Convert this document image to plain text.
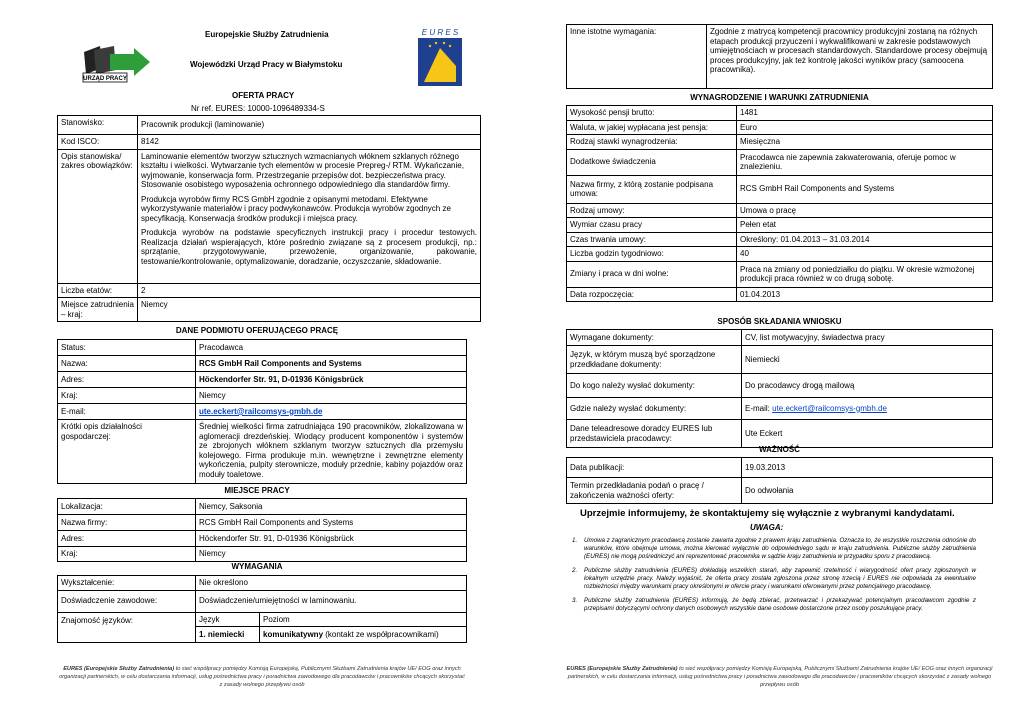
URZĄD PRACY
E U R E S
Europejskie Służby Zatrudnienia
Wojewódzki Urząd Pracy w Białymstoku
OFERTA PRACY
Nr ref. EURES: 10000-1096489334-S
Stanowisko:	Pracownik produkcji (laminowanie)
Kod ISCO:	8142
Opis stanowiska/ zakres obowiązków:	Laminowanie elementów tworzyw sztucznych wzmacnianych włóknem szklanych różnego kształtu i wielkości. Wytwarzanie tych elementów w procesie Prepreg-/ RTM. Wykańczanie, wyjmowanie, konserwacja form. Przestrzeganie przepisów dot. bezpieczeństwa pracy. Stosowanie osobistego wyposażenia ochronnego odpowiedniego dla standardów firmy.

Produkcja wyrobów firmy RCS GmbH zgodnie z opisanymi metodami. Efektywne wykorzystywanie materiałów i pracy podwykonawców. Produkcja wyrobów zgodnych ze specyfikacją. Konserwacja środków produkcji i miejsca pracy.

Produkcja wyrobów na podstawie specyficznych instrukcji pracy i procedur testowych. Realizacja działań wspierających, które pośrednio związane są z procesem produkcji, np.: sprzątanie, przygotowywanie, przewożenie, organizowanie, pakowanie, testowanie/kontrolowanie, optymalizowanie, doradzanie, oczyszczanie, składowanie.

Liczba etatów:	2
Miejsce zatrudnienia – kraj:	Niemcy
DANE PODMIOTU OFERUJĄCEGO PRACĘ
Status:	Pracodawca
Nazwa:	RCS GmbH Rail Components and Systems
Adres:	Höckendorfer Str. 91, D-01936 Königsbrück
Kraj:	Niemcy
E-mail:	ute.eckert@railcomsys-gmbh.de
Krótki opis działalności gospodarczej:	Średniej wielkości firma zatrudniająca 190 pracowników, zlokalizowana w aglomeracji drezdeńskiej. Wiodący producent komponentów i systemów ze zbrojonych włóknem szklanym tworzyw sztucznych dla przemysłu kolejowego. Firma produkuje m.in. wewnętrzne i zewnętrzne elementy wykończenia, pulpity sterownicze, moduły przednie, kabiny pojazdów oraz moduły toaletowe.
MIEJSCE PRACY
Lokalizacja:	Niemcy, Saksonia
Nazwa firmy:	RCS GmbH Rail Components and Systems
Adres:	Höckendorfer Str. 91, D-01936 Königsbrück
Kraj:	Niemcy
WYMAGANIA
Wykształcenie:	Nie określono	
Doświadczenie zawodowe:	Doświadczenie/umiejętności w laminowaniu.	
Znajomość języków:	Język	Poziom
	1. niemiecki	komunikatywny (kontakt ze współpracownikami)
EURES (Europejskie Służby Zatrudnienia) to sieć współpracy pomiędzy Komisją Europejską, Publicznymi Służbami Zatrudnienia krajów UE/ EOG oraz innych organizacji partnerskich, w celu dostarczania informacji, usług pośrednictwa pracy i poradnictwa zawodowego dla pracodawców i pracowników chcących skorzystać z zasady wolnego przepływu osób
Inne istotne wymagania:	Zgodnie z matrycą kompetencji pracownicy produkcyjni zostaną na różnych etapach produkcji przyuczeni i wykwalifikowani w zakresie podstawowych umiejętnościach w procesach standardowych. Standardowe procesy obejmują proces produkcyjny, jak też kontrolę jakości wyników pracy (samoocena pracownika).
WYNAGRODZENIE I WARUNKI ZATRUDNIENIA
Wysokość pensji brutto:	1481
Waluta, w jakiej wypłacana jest pensja:	Euro
Rodzaj stawki wynagrodzenia:	Miesięczna
Dodatkowe świadczenia	Pracodawca nie zapewnia zakwaterowania, oferuje pomoc w znalezieniu.
Nazwa firmy, z którą zostanie podpisana umowa:	RCS GmbH Rail Components and Systems
Rodzaj umowy:	Umowa o pracę
Wymiar czasu pracy	Pełen etat
Czas trwania umowy:	Określony: 01.04.2013 – 31.03.2014
Liczba godzin tygodniowo:	40
Zmiany i praca w dni wolne:	Praca na zmiany od poniedziałku do piątku. W okresie wzmożonej produkcji praca również w co drugą sobotę.
Data rozpoczęcia:	01.04.2013
SPOSÓB SKŁADANIA WNIOSKU
Wymagane dokumenty:	CV, list motywacyjny, świadectwa pracy
Język, w którym muszą być sporządzone przedkładane dokumenty:	Niemiecki
Do kogo należy wysłać dokumenty:	Do pracodawcy drogą mailową
Gdzie należy wysłać dokumenty:	E-mail: ute.eckert@railcomsys-gmbh.de
Dane teleadresowe doradcy EURES lub przedstawiciela pracodawcy:	Ute Eckert
WAŻNOŚĆ
Data publikacji:	19.03.2013
Termin przedkładania podań o pracę / zakończenia ważności oferty:	Do odwołania
Uprzejmie informujemy, że skontaktujemy się wyłącznie z wybranymi kandydatami.
UWAGA:
1. Umowa z zagranicznym pracodawcą zostanie zawarta zgodnie z prawem kraju zatrudnienia. Oznacza to, że wszystkie roszczenia odnośnie do warunków, które obejmuje umowa, można kierować wyłącznie do odpowiedniego sądu w kraju zatrudnienia. Publiczne służby zatrudnienia (EURES) nie mogą pośredniczyć ani reprezentować pracownika w sądzie kraju zatrudnienia w przypadku sporu z pracodawcą.
2. Publiczne służby zatrudnienia (EURES) dokładają wszelkich starań, aby zapewnić rzetelność i wiarygodność ofert pracy zgłoszonych w lokalnym urzędzie pracy. Należy wyjaśnić, że oferta pracy została zgłoszona przez stronę trzecią i EURES nie odpowiada za ewentualne rozbieżności między warunkami pracy określonymi w ofercie pracy i warunkami oferowanymi przez potencjalnego pracodawcę.
3. Publiczne służby zatrudnienia (EURES) informują, że będą zbierać, przetwarzać i przekazywać potencjalnym pracodawcom zgodnie z przepisami dotyczącymi ochrony danych osobowych wszystkie dane osobowe dostarczone przez osoby poszukujące pracy.
EURES (Europejskie Służby Zatrudnienia) to sieć współpracy pomiędzy Komisją Europejską, Publicznymi Służbami Zatrudnienia krajów UE/ EOG oraz innych organizacji partnerskich, w celu dostarczania informacji, usług pośrednictwa pracy i poradnictwa zawodowego dla pracodawców i pracowników chcących skorzystać z zasady wolnego przepływu osób
